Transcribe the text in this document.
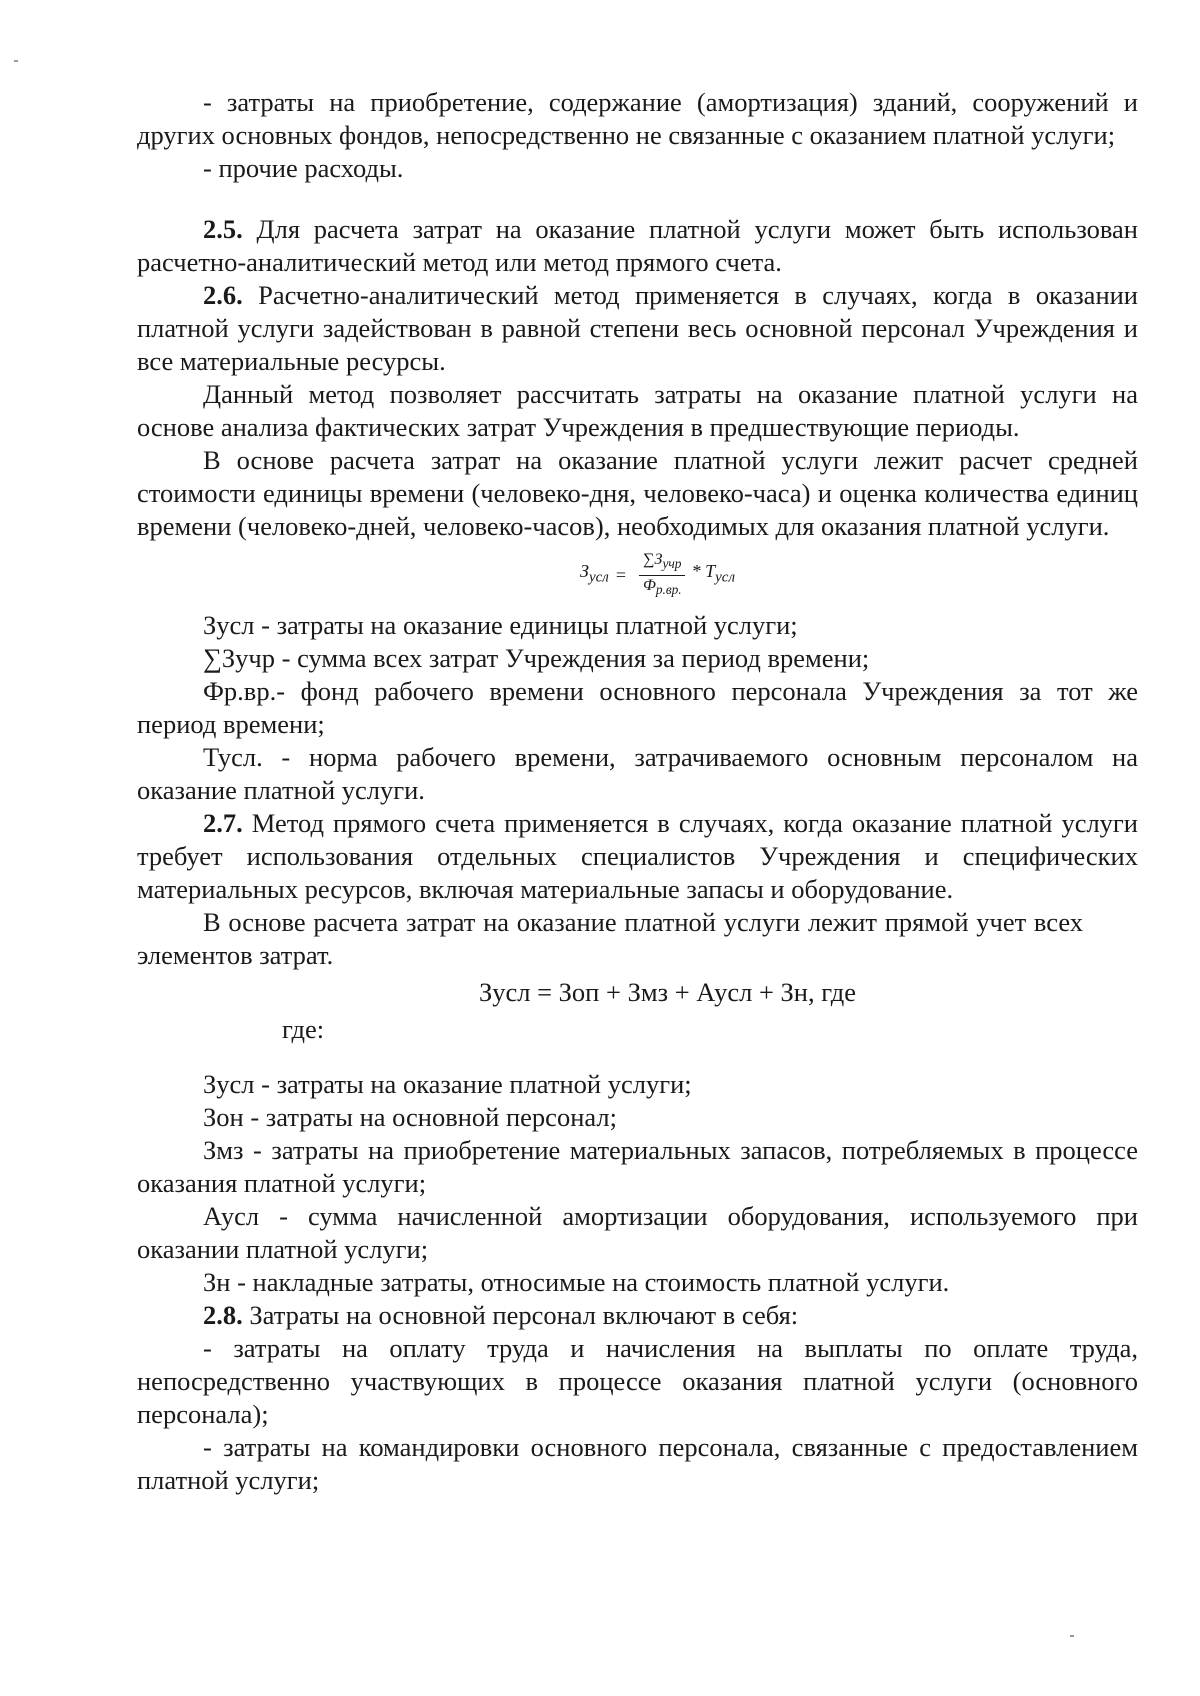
- затраты на приобретение, содержание (амортизация) зданий, сооружений и других основных фондов, непосредственно не связанные с оказанием платной услуги;

- прочие расходы.

2.5. Для расчета затрат на оказание платной услуги может быть использован расчетно-аналитический метод или метод прямого счета.

2.6. Расчетно-аналитический метод применяется в случаях, когда в оказании платной услуги задействован в равной степени весь основной персонал Учреждения и все материальные ресурсы.

Данный метод позволяет рассчитать затраты на оказание платной услуги на основе анализа фактических затрат Учреждения в предшествующие периоды.

В основе расчета затрат на оказание платной услуги лежит расчет средней стоимости единицы времени (человеко-дня, человеко-часа) и оценка количества единиц времени (человеко-дней, человеко-часов), необходимых для оказания платной услуги.

$З_{усл} = \frac{\sum З_{учр}}{Ф_{р.вр.}} * Т_{усл}$

Зусл - затраты на оказание единицы платной услуги;

∑Зучр - сумма всех затрат Учреждения за период времени;

Фр.вр.- фонд рабочего времени основного персонала Учреждения за тот же период времени;

Тусл. - норма рабочего времени, затрачиваемого основным персоналом на оказание платной услуги.

2.7. Метод прямого счета применяется в случаях, когда оказание платной услуги требует использования отдельных специалистов Учреждения и специфических материальных ресурсов, включая материальные запасы и оборудование.

В основе расчета затрат на оказание платной услуги лежит прямой учет всех элементов затрат.

Зусл = Зоп + Змз + Аусл + Зн, где

где:

Зусл - затраты на оказание платной услуги;

Зон - затраты на основной персонал;

Змз - затраты на приобретение материальных запасов, потребляемых в процессе оказания платной услуги;

Аусл - сумма начисленной амортизации оборудования, используемого при оказании платной услуги;

Зн - накладные затраты, относимые на стоимость платной услуги.

2.8. Затраты на основной персонал включают в себя:

- затраты на оплату труда и начисления на выплаты по оплате труда, непосредственно участвующих в процессе оказания платной услуги (основного персонала);

- затраты на командировки основного персонала, связанные с предоставлением платной услуги;
